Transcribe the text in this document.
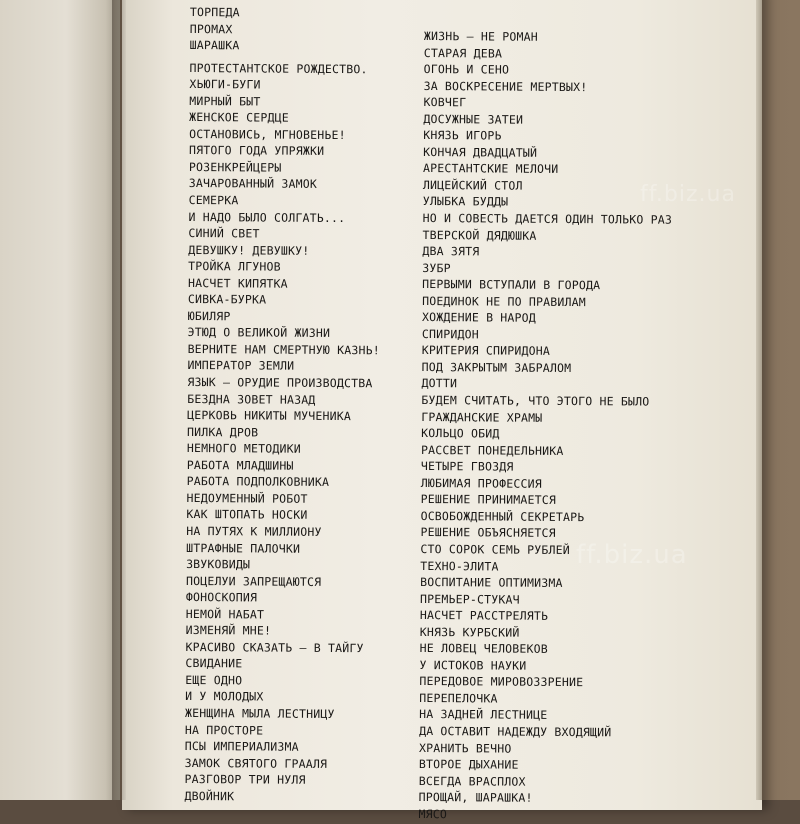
ТОРПЕДА
ПРОМАХ
ШАРАШКА
ПРОТЕСТАНТСКОЕ РОЖДЕСТВО.
ХЬЮГИ-БУГИ
МИРНЫЙ БЫТ
ЖЕНСКОЕ СЕРДЦЕ
ОСТАНОВИСЬ, МГНОВЕНЬЕ!
ПЯТОГО ГОДА УПРЯЖКИ
РОЗЕНКРЕЙЦЕРЫ
ЗАЧАРОВАННЫЙ ЗАМОК
СЕМЕРКА
И НАДО БЫЛО СОЛГАТЬ...
СИНИЙ СВЕТ
ДЕВУШКУ! ДЕВУШКУ!
ТРОЙКА ЛГУНОВ
НАСЧЕТ КИПЯТКА
СИВКА-БУРКА
ЮБИЛЯР
ЭТЮД О ВЕЛИКОЙ ЖИЗНИ
ВЕРНИТЕ НАМ СМЕРТНУЮ КАЗНЬ!
ИМПЕРАТОР ЗЕМЛИ
ЯЗЫК — ОРУДИЕ ПРОИЗВОДСТВА
БЕЗДНА ЗОВЕТ НАЗАД
ЦЕРКОВЬ НИКИТЫ МУЧЕНИКА
ПИЛКА ДРОВ
НЕМНОГО МЕТОДИКИ
РАБОТА МЛАДШИНЫ
РАБОТА ПОДПОЛКОВНИКА
НЕДОУМЕННЫЙ РОБОТ
КАК ШТОПАТЬ НОСКИ
НА ПУТЯХ К МИЛЛИОНУ
ШТРАФНЫЕ ПАЛОЧКИ
ЗВУКОВИДЫ
ПОЦЕЛУИ ЗАПРЕЩАЮТСЯ
ФОНОСКОПИЯ
НЕМОЙ НАБАТ
ИЗМЕНЯЙ МНЕ!
КРАСИВО СКАЗАТЬ — В ТАЙГУ
СВИДАНИЕ
ЕЩЕ ОДНО
И У МОЛОДЫХ
ЖЕНЩИНА МЫЛА ЛЕСТНИЦУ
НА ПРОСТОРЕ
ПСЫ ИМПЕРИАЛИЗМА
ЗАМОК СВЯТОГО ГРААЛЯ
РАЗГОВОР ТРИ НУЛЯ
ДВОЙНИК
ЖИЗНЬ — НЕ РОМАН
СТАРАЯ ДЕВА
ОГОНЬ И СЕНО
ЗА ВОСКРЕСЕНИЕ МЕРТВЫХ!
КОВЧЕГ
ДОСУЖНЫЕ ЗАТЕИ
КНЯЗЬ ИГОРЬ
КОНЧАЯ ДВАДЦАТЫЙ
АРЕСТАНТСКИЕ МЕЛОЧИ
ЛИЦЕЙСКИЙ СТОЛ
УЛЫБКА БУДДЫ
НО И СОВЕСТЬ ДАЕТСЯ ОДИН ТОЛЬКО РАЗ
ТВЕРСКОЙ ДЯДЮШКА
ДВА ЗЯТЯ
ЗУБР
ПЕРВЫМИ ВСТУПАЛИ В ГОРОДА
ПОЕДИНОК НЕ ПО ПРАВИЛАМ
ХОЖДЕНИЕ В НАРОД
СПИРИДОН
КРИТЕРИЯ СПИРИДОНА
ПОД ЗАКРЫТЫМ ЗАБРАЛОМ
ДОТТИ
БУДЕМ СЧИТАТЬ, ЧТО ЭТОГО НЕ БЫЛО
ГРАЖДАНСКИЕ ХРАМЫ
КОЛЬЦО ОБИД
РАССВЕТ ПОНЕДЕЛЬНИКА
ЧЕТЫРЕ ГВОЗДЯ
ЛЮБИМАЯ ПРОФЕССИЯ
РЕШЕНИЕ ПРИНИМАЕТСЯ
ОСВОБОЖДЕННЫЙ СЕКРЕТАРЬ
РЕШЕНИЕ ОБЪЯСНЯЕТСЯ
СТО СОРОК СЕМЬ РУБЛЕЙ
ТЕХНО-ЭЛИТА
ВОСПИТАНИЕ ОПТИМИЗМА
ПРЕМЬЕР-СТУКАЧ
НАСЧЕТ РАССТРЕЛЯТЬ
КНЯЗЬ КУРБСКИЙ
НЕ ЛОВЕЦ ЧЕЛОВЕКОВ
У ИСТОКОВ НАУКИ
ПЕРЕДОВОЕ МИРОВОЗЗРЕНИЕ
ПЕРЕПЕЛОЧКА
НА ЗАДНЕЙ ЛЕСТНИЦЕ
ДА ОСТАВИТ НАДЕЖДУ ВХОДЯЩИЙ
ХРАНИТЬ ВЕЧНО
ВТОРОЕ ДЫХАНИЕ
ВСЕГДА ВРАСПЛОХ
ПРОЩАЙ, ШАРАШКА!
МЯСО
ff.biz.ua
ff.biz.ua
